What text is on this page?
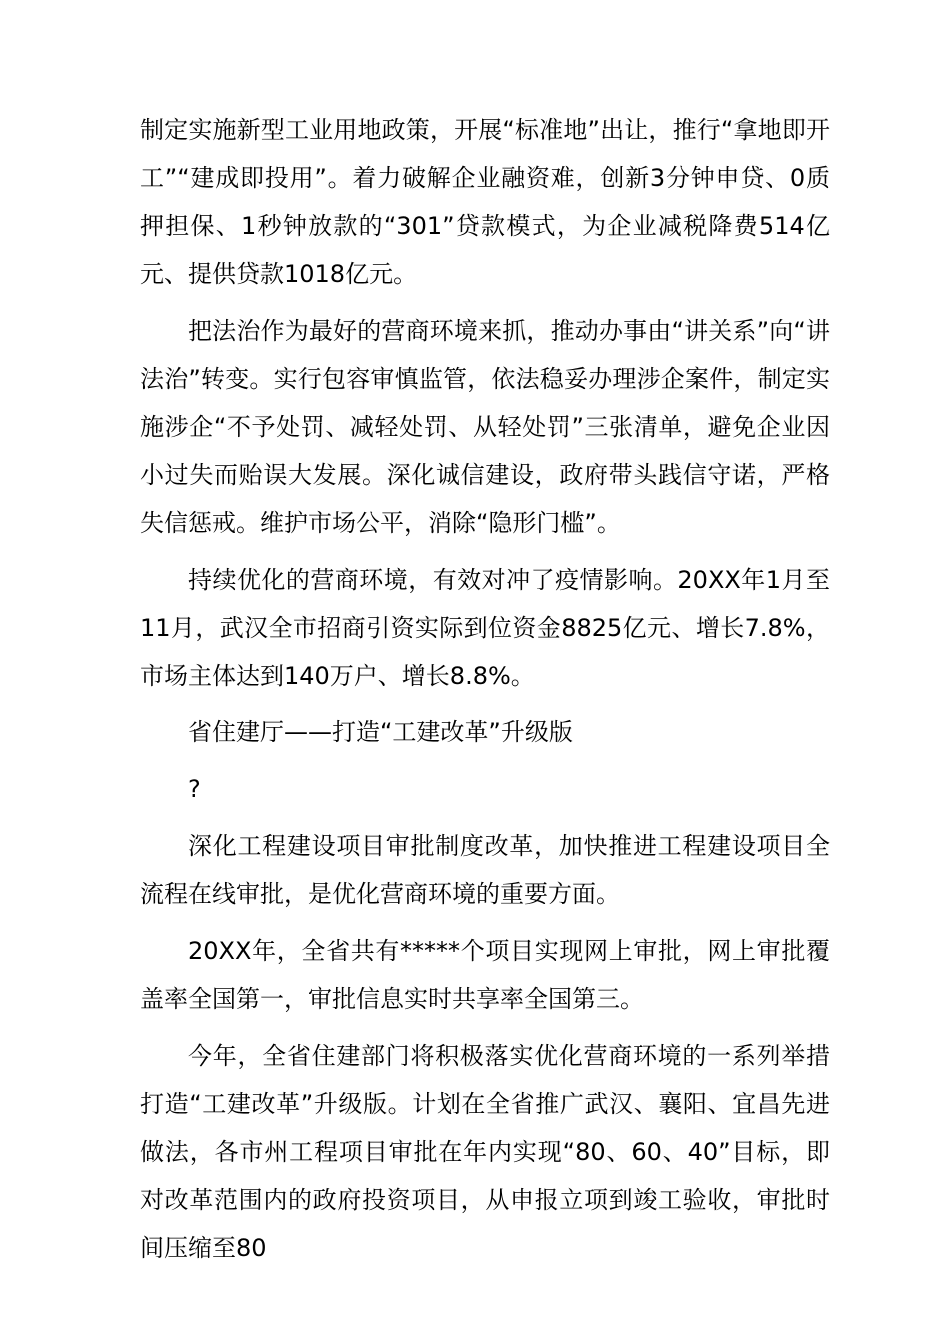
制定实施新型工业用地政策，开展“标准地”出让，推行“拿地即开工”“建成即投用”。着力破解企业融资难，创新3分钟申贷、0质押担保、1秒钟放款的“301”贷款模式，为企业减税降费514亿元、提供贷款1018亿元。

把法治作为最好的营商环境来抓，推动办事由“讲关系”向“讲法治”转变。实行包容审慎监管，依法稳妥办理涉企案件，制定实施涉企“不予处罚、减轻处罚、从轻处罚”三张清单，避免企业因小过失而贻误大发展。深化诚信建设，政府带头践信守诺，严格失信惩戒。维护市场公平，消除“隐形门槛”。

持续优化的营商环境，有效对冲了疫情影响。20XX年1月至11月，武汉全市招商引资实际到位资金8825亿元、增长7.8%，市场主体达到140万户、增长8.8%。

省住建厅——打造“工建改革”升级版

?

深化工程建设项目审批制度改革，加快推进工程建设项目全流程在线审批，是优化营商环境的重要方面。

20XX年，全省共有*****个项目实现网上审批，网上审批覆盖率全国第一，审批信息实时共享率全国第三。

今年，全省住建部门将积极落实优化营商环境的一系列举措打造“工建改革”升级版。计划在全省推广武汉、襄阳、宜昌先进做法，各市州工程项目审批在年内实现“80、60、40”目标，即对改革范围内的政府投资项目，从申报立项到竣工验收，审批时间压缩至80
